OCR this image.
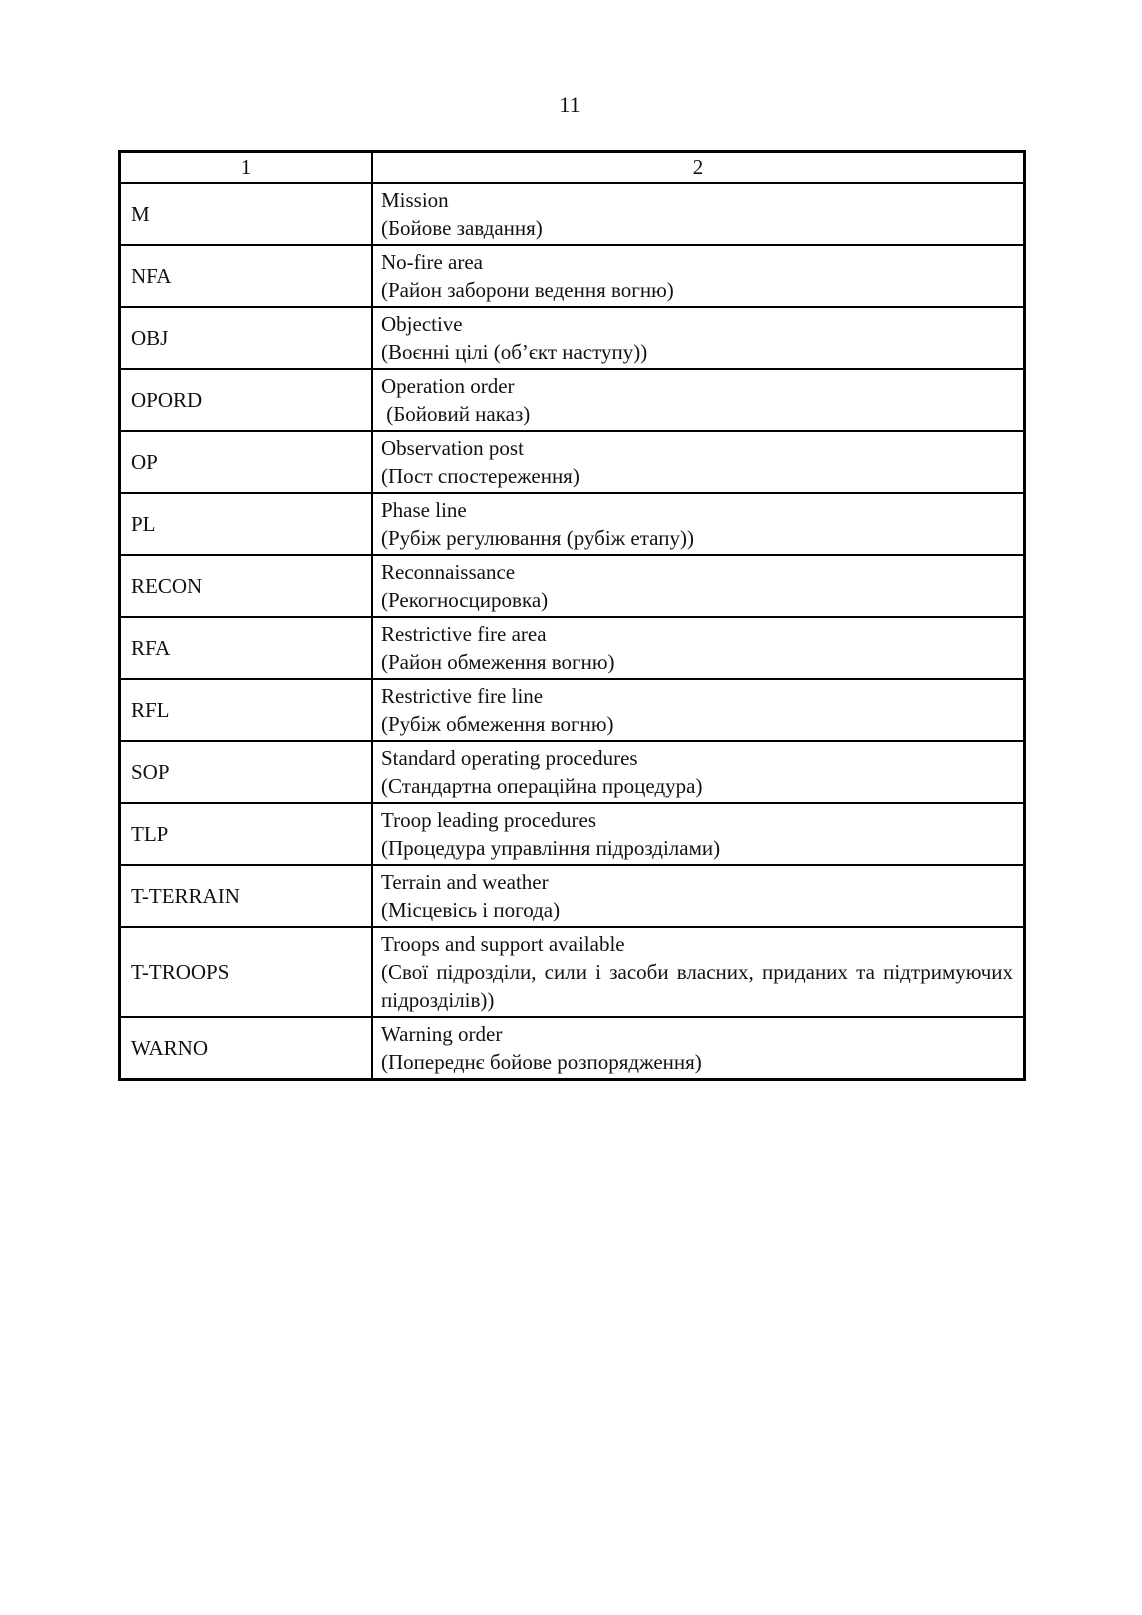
11
1	2
M	Mission
(Бойове завдання)

NFA	No-fire area
(Район заборони ведення вогню)

OBJ	Objective
(Воєнні цілі (об’єкт наступу))

OPORD	Operation order
(Бойовий наказ)

OP	Observation post
(Пост спостереження)

PL	Phase line
(Рубіж регулювання (рубіж етапу))

RECON	Reconnaissance
(Рекогносцировка)

RFA	Restrictive fire area
(Район обмеження вогню)

RFL	Restrictive fire line
(Рубіж обмеження вогню)

SOP	Standard operating procedures
(Стандартна операційна процедура)

TLP	Troop leading procedures
(Процедура управління підрозділами)

T-TERRAIN	Terrain and weather
(Місцевісь і погода)

T-TROOPS	Troops and support available
(Свої підрозділи, сили і засоби власних, приданих та підтримуючих підрозділів))

WARNO	Warning order
(Попереднє бойове розпорядження)
